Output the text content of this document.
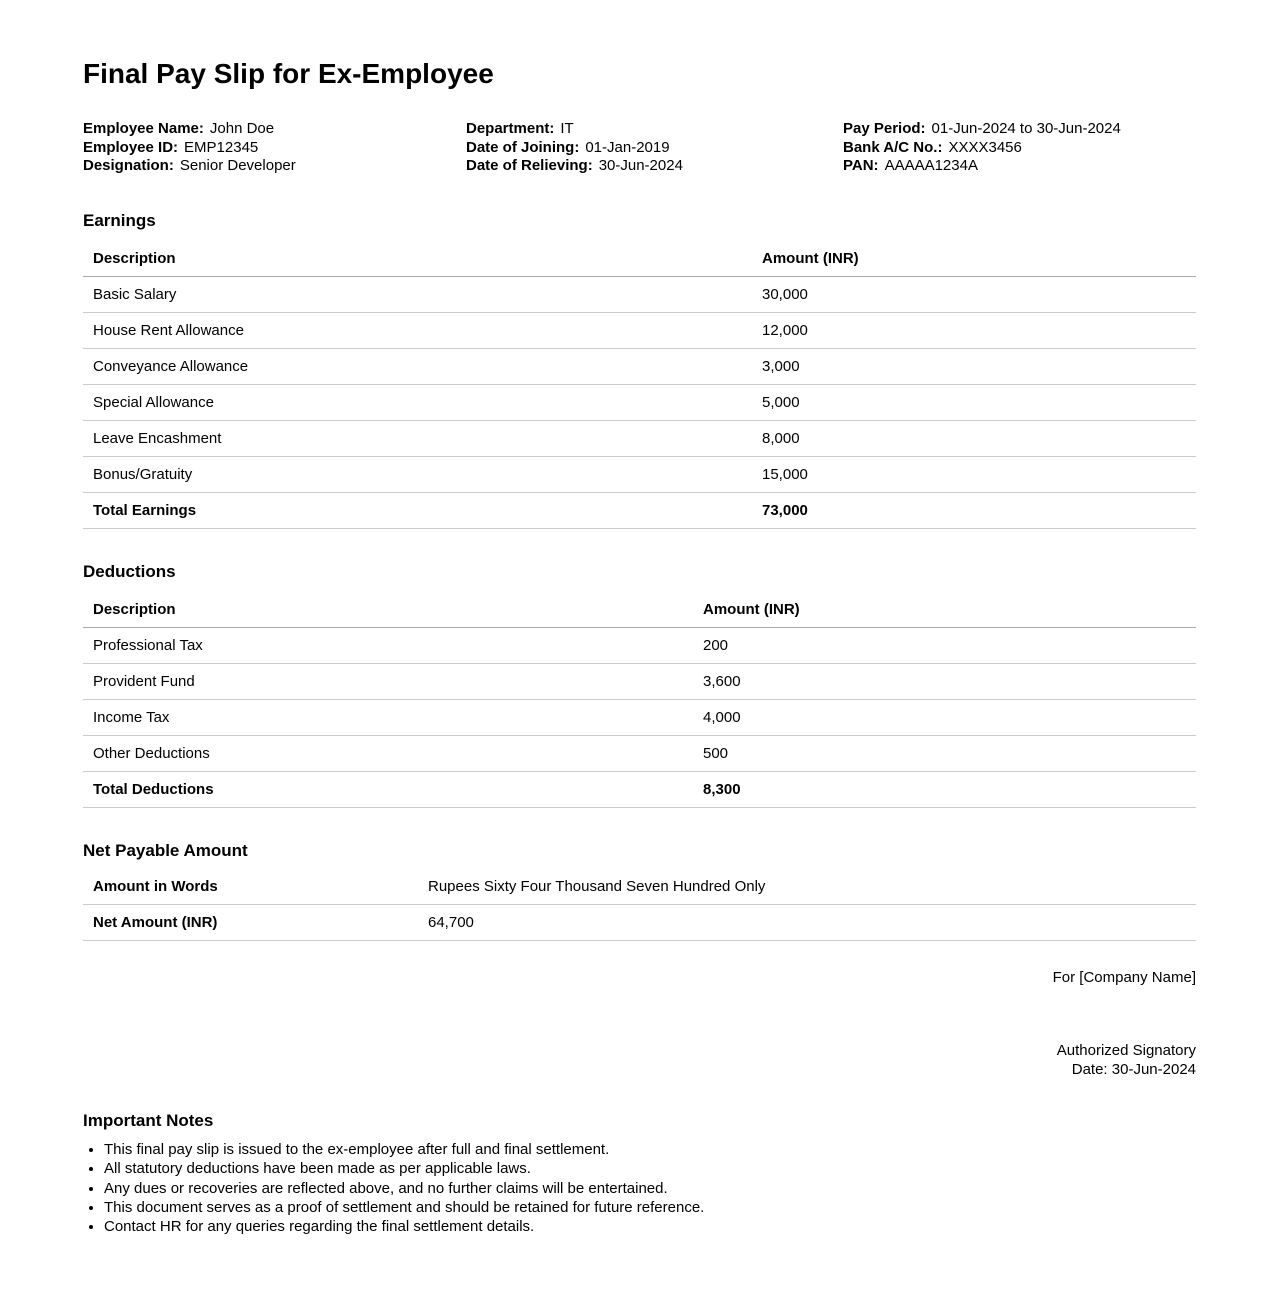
Final Pay Slip for Ex-Employee
Employee Name: John Doe
Employee ID: EMP12345
Designation: Senior Developer
Department: IT
Date of Joining: 01-Jan-2019
Date of Relieving: 30-Jun-2024
Pay Period: 01-Jun-2024 to 30-Jun-2024
Bank A/C No.: XXXX3456
PAN: AAAAA1234A
Earnings
Description	Amount (INR)
Basic Salary	30,000
House Rent Allowance	12,000
Conveyance Allowance	3,000
Special Allowance	5,000
Leave Encashment	8,000
Bonus/Gratuity	15,000
Total Earnings	73,000
Deductions
Description	Amount (INR)
Professional Tax	200
Provident Fund	3,600
Income Tax	4,000
Other Deductions	500
Total Deductions	8,300
Net Payable Amount
Amount in Words	Rupees Sixty Four Thousand Seven Hundred Only
Net Amount (INR)	64,700
For [Company Name]
Authorized Signatory
Date: 30-Jun-2024
Important Notes
• This final pay slip is issued to the ex-employee after full and final settlement.
• All statutory deductions have been made as per applicable laws.
• Any dues or recoveries are reflected above, and no further claims will be entertained.
• This document serves as a proof of settlement and should be retained for future reference.
• Contact HR for any queries regarding the final settlement details.
